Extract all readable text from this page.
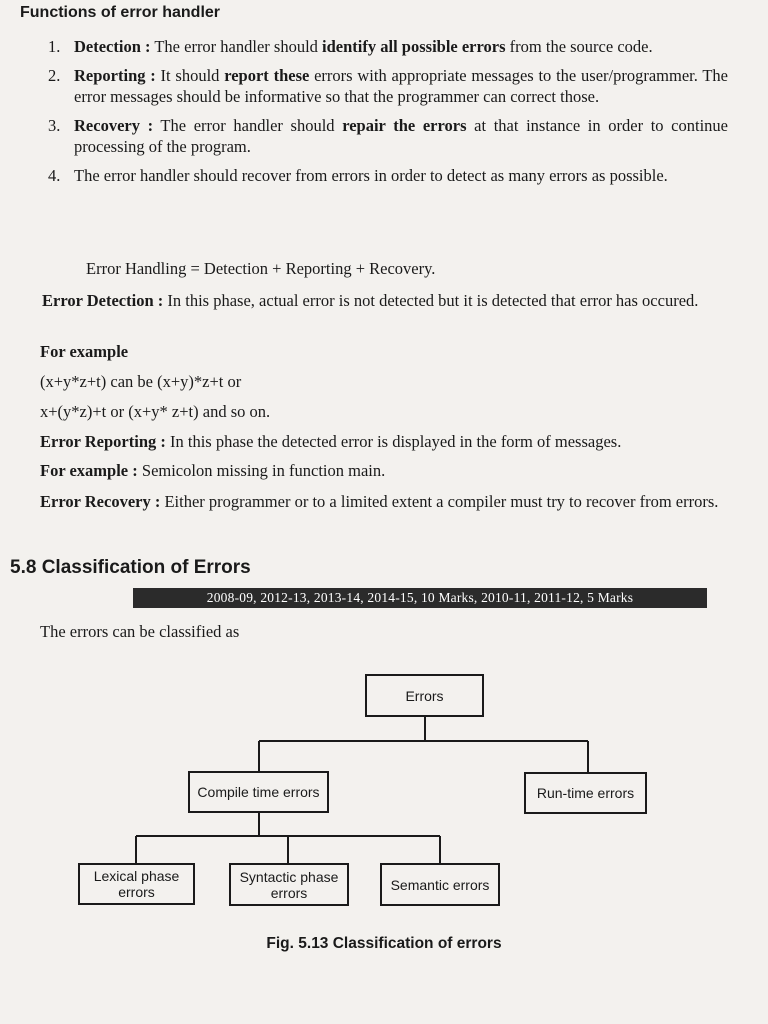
Functions of error handler
1. Detection : The error handler should identify all possible errors from the source code.
2. Reporting : It should report these errors with appropriate messages to the user/programmer. The error messages should be informative so that the programmer can correct those.
3. Recovery : The error handler should repair the errors at that instance in order to continue processing of the program.
4. The error handler should recover from errors in order to detect as many errors as possible.
Error Handling = Detection + Reporting + Recovery.
Error Detection : In this phase, actual error is not detected but it is detected that error has occured.
For example
(x+y*z+t) can be (x+y)*z+t or
x+(y*z)+t or (x+y* z+t) and so on.
Error Reporting : In this phase the detected error is displayed in the form of messages.
For example : Semicolon missing in function main.
Error Recovery : Either programmer or to a limited extent a compiler must try to recover from errors.
5.8 Classification of Errors
2008-09, 2012-13, 2013-14, 2014-15, 10 Marks, 2010-11, 2011-12, 5 Marks
The errors can be classified as
Errors
Compile time errors	Run-time errors
Lexical phase errors
Syntactic phase errors	Semantic errors
Fig. 5.13 Classification of errors
